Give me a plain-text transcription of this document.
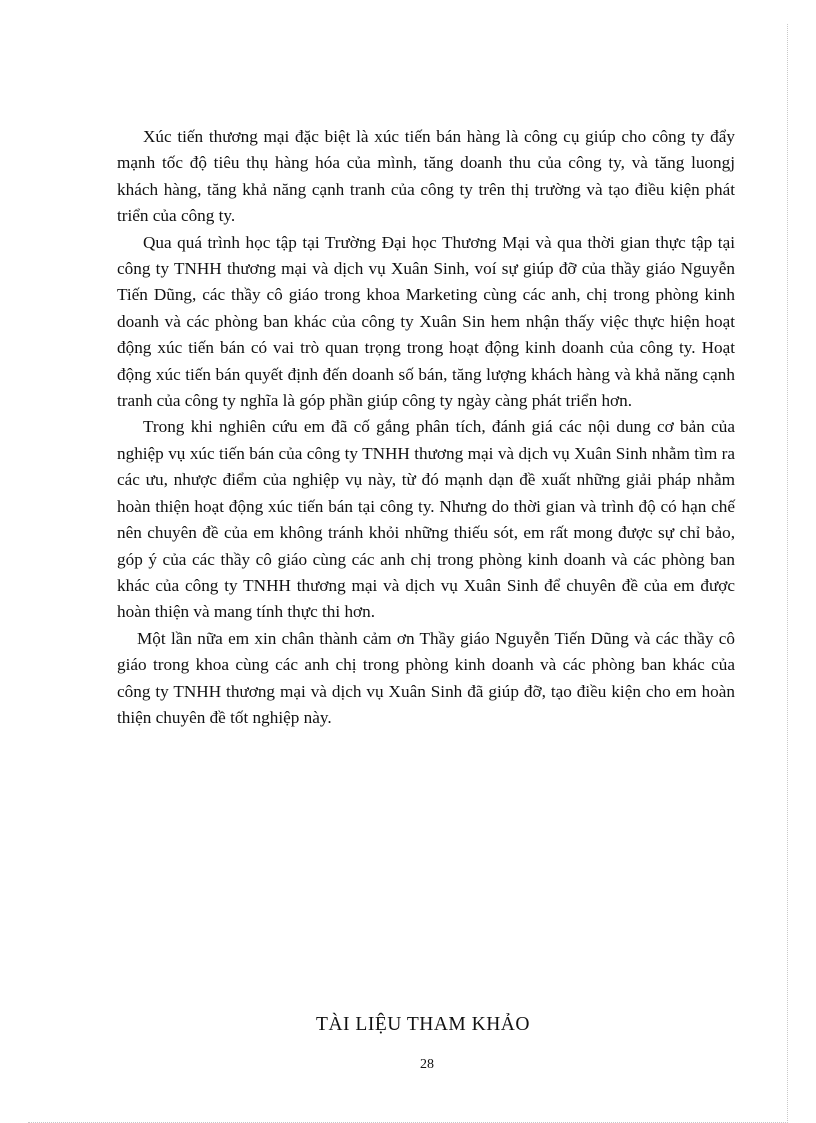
Xúc tiến thương mại đặc biệt là xúc tiến bán hàng là công cụ giúp cho công ty đẩy mạnh tốc độ tiêu thụ hàng hóa của mình, tăng doanh thu của công ty, và tăng luongj khách hàng, tăng khả năng cạnh tranh của công ty trên thị trường và tạo điều kiện phát triển của công ty.

Qua quá trình học tập tại Trường Đại học Thương Mại và qua thời gian thực tập tại công ty TNHH thương mại và dịch vụ Xuân Sinh, voí sự giúp đỡ của thầy giáo Nguyễn Tiến Dũng, các thầy cô giáo trong khoa Marketing cùng các anh, chị trong phòng kinh doanh và các phòng ban khác của công ty Xuân Sin hem nhận thấy việc thực hiện hoạt động xúc tiến bán có vai trò quan trọng trong hoạt động kinh doanh của công ty. Hoạt động xúc tiến bán quyết định đến doanh số bán, tăng lượng khách hàng và khả năng cạnh tranh của công ty nghĩa là góp phần giúp công ty ngày càng phát triển hơn.

Trong khi nghiên cứu em đã cố gắng phân tích, đánh giá các nội dung cơ bản của nghiệp vụ xúc tiến bán của công ty TNHH thương mại và dịch vụ Xuân Sinh nhằm tìm ra các ưu, nhược điểm của nghiệp vụ này, từ đó mạnh dạn đề xuất những giải pháp nhằm hoàn thiện hoạt động xúc tiến bán tại công ty. Nhưng do thời gian và trình độ có hạn chế nên chuyên đề của em không tránh khỏi những thiếu sót, em rất mong được sự chỉ bảo, góp ý của các thầy cô giáo cùng các anh chị trong phòng kinh doanh và các phòng ban khác của công ty TNHH thương mại và dịch vụ Xuân Sinh để chuyên đề của em được hoàn thiện và mang tính thực thi hơn.

Một lần nữa em xin chân thành cảm ơn Thầy giáo Nguyễn Tiến Dũng và các thầy cô giáo trong khoa cùng các anh chị trong phòng kinh doanh và các phòng ban khác của công ty TNHH thương mại và dịch vụ Xuân Sinh đã giúp đỡ, tạo điều kiện cho em hoàn thiện chuyên đề tốt nghiệp này.

TÀI LIỆU THAM KHẢO
28
